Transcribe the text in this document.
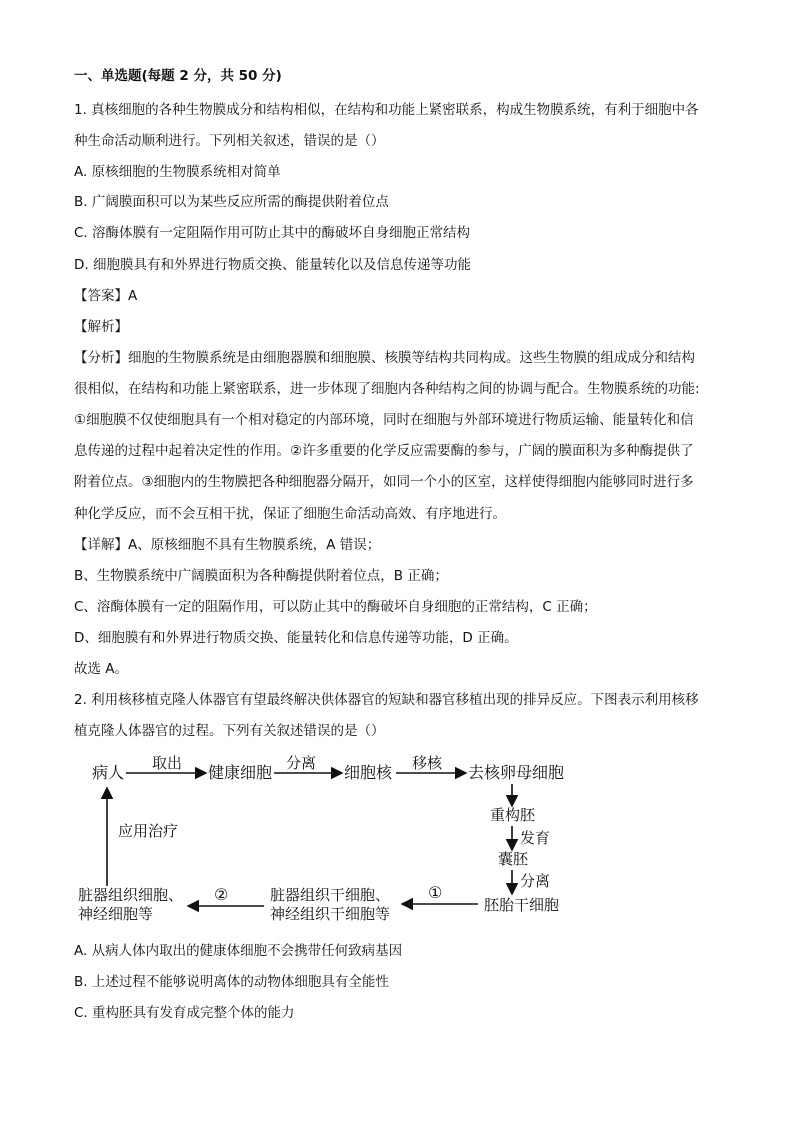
一、单选题(每题 2 分，共 50 分)
1. 真核细胞的各种生物膜成分和结构相似，在结构和功能上紧密联系，构成生物膜系统，有利于细胞中各
种生命活动顺利进行。下列相关叙述，错误的是（）
A. 原核细胞的生物膜系统相对简单
B. 广阔膜面积可以为某些反应所需的酶提供附着位点
C. 溶酶体膜有一定阻隔作用可防止其中的酶破坏自身细胞正常结构
D. 细胞膜具有和外界进行物质交换、能量转化以及信息传递等功能
【答案】A
【解析】
【分析】细胞的生物膜系统是由细胞器膜和细胞膜、核膜等结构共同构成。这些生物膜的组成成分和结构
很相似，在结构和功能上紧密联系，进一步体现了细胞内各种结构之间的协调与配合。生物膜系统的功能:
①细胞膜不仅使细胞具有一个相对稳定的内部环境，同时在细胞与外部环境进行物质运输、能量转化和信
息传递的过程中起着决定性的作用。②许多重要的化学反应需要酶的参与，广阔的膜面积为多种酶提供了
附着位点。③细胞内的生物膜把各种细胞器分隔开，如同一个小的区室，这样使得细胞内能够同时进行多
种化学反应，而不会互相干扰，保证了细胞生命活动高效、有序地进行。
【详解】A、原核细胞不具有生物膜系统，A 错误；
B、生物膜系统中广阔膜面积为各种酶提供附着位点，B 正确；
C、溶酶体膜有一定的阻隔作用，可以防止其中的酶破坏自身细胞的正常结构，C 正确；
D、细胞膜有和外界进行物质交换、能量转化和信息传递等功能，D 正确。
故选 A。
2. 利用核移植克隆人体器官有望最终解决供体器官的短缺和器官移植出现的排异反应。下图表示利用核移
植克隆人体器官的过程。下列有关叙述错误的是（）
病人 取出 健康细胞 分离 细胞核 移核 去核卵母细胞
重构胚
发育
囊胚
分离
胚胎干细胞
①
脏器组织干细胞、
神经组织干细胞等
②
脏器组织细胞、
神经细胞等
应用治疗
A. 从病人体内取出的健康体细胞不会携带任何致病基因
B. 上述过程不能够说明离体的动物体细胞具有全能性
C. 重构胚具有发育成完整个体的能力
